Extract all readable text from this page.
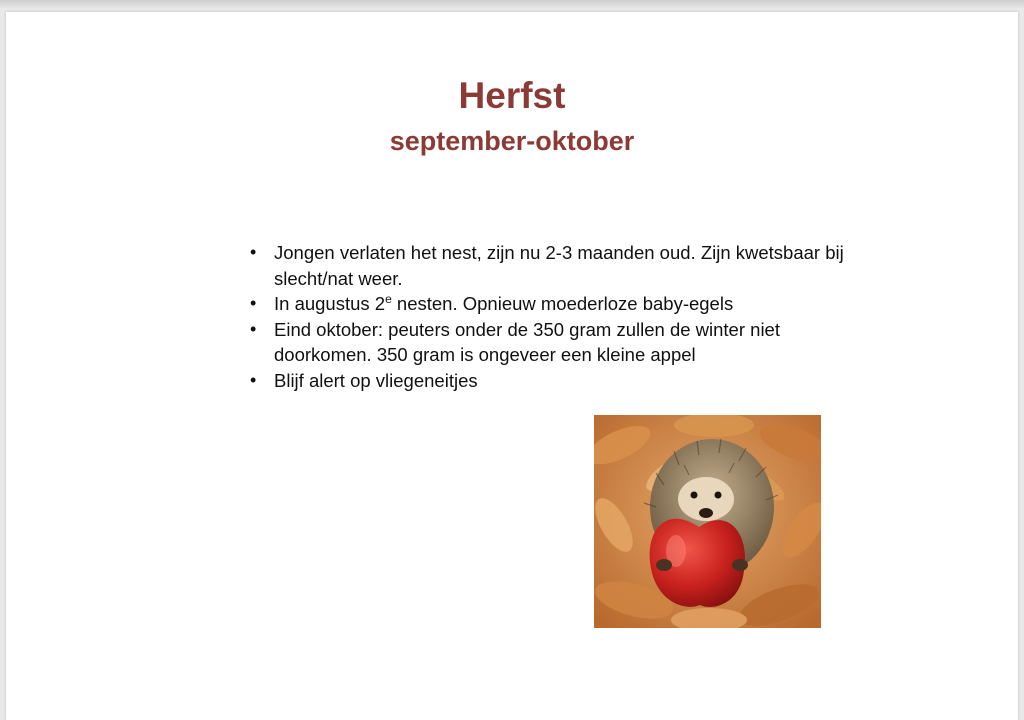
Herfst
september-oktober
• Jongen verlaten het nest, zijn nu 2-3 maanden oud. Zijn kwetsbaar bij slecht/nat weer.
• In augustus 2e nesten. Opnieuw moederloze baby-egels
• Eind oktober: peuters onder de 350 gram zullen de winter niet doorkomen. 350 gram is ongeveer een kleine appel
• Blijf alert op vliegeneitjes
